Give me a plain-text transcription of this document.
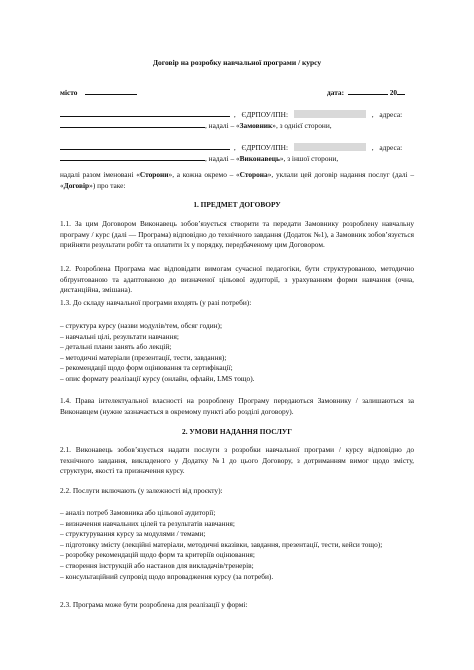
Договір на розробку навчальної програми / курсу
місто	дата:	20
, ЄДРПОУ/ІПН:	, адреса:
, надалі – «Замовник», з однієї сторони,
, ЄДРПОУ/ІПН:	, адреса:
, надалі – «Виконавець», з іншої сторони,
надалі разом іменовані «Сторони», а кожна окремо – «Сторона», уклали цей договір надання послуг (далі – «Договір») про таке:
1. ПРЕДМЕТ ДОГОВОРУ
1.1. За цим Договором Виконавець зобов’язується створити та передати Замовнику розроблену навчальну програму / курс (далі — Програма) відповідно до технічного завдання (Додаток №1), а Замовник зобов’язується прийняти результати робіт та оплатити їх у порядку, передбаченому цим Договором.
1.2. Розроблена Програма має відповідати вимогам сучасної педагогіки, бути структурованою, методично обґрунтованою та адаптованою до визначеної цільової аудиторії, з урахуванням форми навчання (очна, дистанційна, змішана).
1.3. До складу навчальної програми входять (у разі потреби):
– структура курсу (назви модулів/тем, обсяг годин);
– навчальні цілі, результати навчання;
– детальні плани занять або лекцій;
– методичні матеріали (презентації, тести, завдання);
– рекомендації щодо форм оцінювання та сертифікації;
– опис формату реалізації курсу (онлайн, офлайн, LMS тощо).
1.4. Права інтелектуальної власності на розроблену Програму передаються Замовнику / залишаються за Виконавцем (нужне зазначається в окремому пункті або розділі договору).
2. УМОВИ НАДАННЯ ПОСЛУГ
2.1. Виконавець зобов’язується надати послуги з розробки навчальної програми / курсу відповідно до технічного завдання, викладеного у Додатку №1 до цього Договору, з дотриманням вимог щодо змісту, структури, якості та призначення курсу.
2.2. Послуги включають (у залежності від проєкту):
– аналіз потреб Замовника або цільової аудиторії;
– визначення навчальних цілей та результатів навчання;
– структурування курсу за модулями / темами;
– підготовку змісту (лекційні матеріали, методичні вказівки, завдання, презентації, тести, кейси тощо);
– розробку рекомендацій щодо форм та критеріїв оцінювання;
– створення інструкцій або настанов для викладачів/тренерів;
– консультаційний супровід щодо впровадження курсу (за потреби).
2.3. Програма може бути розроблена для реалізації у формі:
